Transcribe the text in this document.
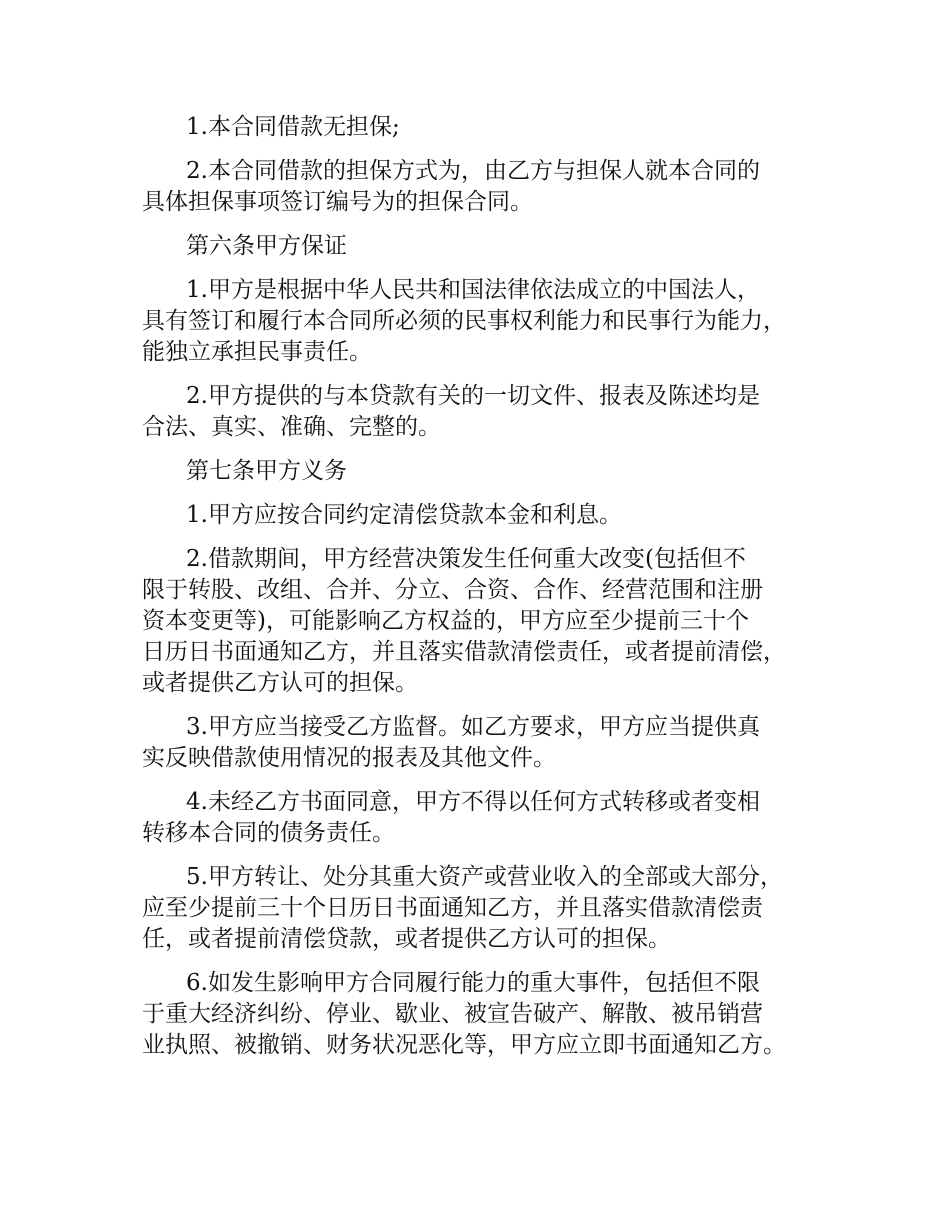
1.本合同借款无担保;

2.本合同借款的担保方式为，由乙方与担保人就本合同的
具体担保事项签订编号为的担保合同。

第六条甲方保证

1.甲方是根据中华人民共和国法律依法成立的中国法人，
具有签订和履行本合同所必须的民事权利能力和民事行为能力，
能独立承担民事责任。

2.甲方提供的与本贷款有关的一切文件、报表及陈述均是
合法、真实、准确、完整的。

第七条甲方义务

1.甲方应按合同约定清偿贷款本金和利息。

2.借款期间，甲方经营决策发生任何重大改变(包括但不
限于转股、改组、合并、分立、合资、合作、经营范围和注册
资本变更等)，可能影响乙方权益的，甲方应至少提前三十个
日历日书面通知乙方，并且落实借款清偿责任，或者提前清偿，
或者提供乙方认可的担保。

3.甲方应当接受乙方监督。如乙方要求，甲方应当提供真
实反映借款使用情况的报表及其他文件。

4.未经乙方书面同意，甲方不得以任何方式转移或者变相
转移本合同的债务责任。

5.甲方转让、处分其重大资产或营业收入的全部或大部分，
应至少提前三十个日历日书面通知乙方，并且落实借款清偿责
任，或者提前清偿贷款，或者提供乙方认可的担保。

6.如发生影响甲方合同履行能力的重大事件，包括但不限
于重大经济纠纷、停业、歇业、被宣告破产、解散、被吊销营
业执照、被撤销、财务状况恶化等，甲方应立即书面通知乙方。
